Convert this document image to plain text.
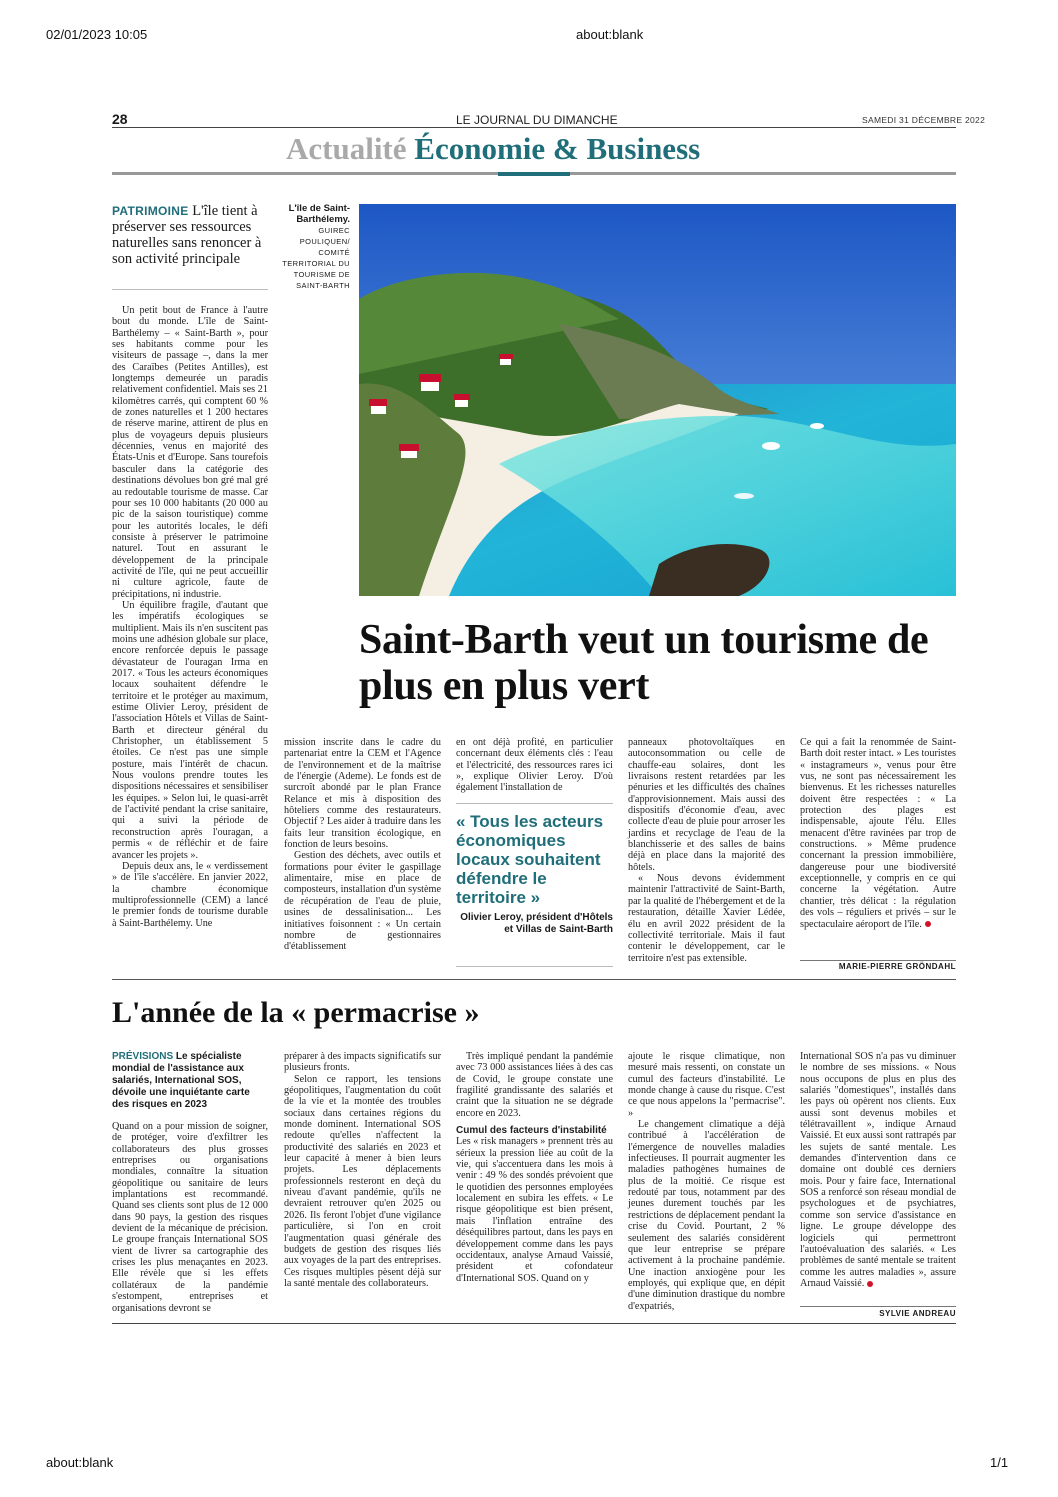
02/01/2023 10:05	about:blank
about:blank	1/1
28	LE JOURNAL DU DIMANCHE	SAMEDI 31 DÉCEMBRE 2022
Actualité Économie & Business
PATRIMOINE L'île tient à préserver ses ressources naturelles sans renoncer à son activité principale
L'île de Saint-Barthélemy.
GUIREC POULIQUEN/ COMITÉ TERRITORIAL DU TOURISME DE SAINT-BARTH
Saint-Barth veut un tourisme de plus en plus vert

Un petit bout de France à l'autre bout du monde. L'île de Saint-Barthélemy – « Saint-Barth », pour ses habitants comme pour les visiteurs de passage –, dans la mer des Caraïbes (Petites Antilles), est longtemps demeurée un paradis relativement confidentiel. Mais ses 21 kilomètres carrés, qui comptent 60 % de zones naturelles et 1 200 hectares de réserve marine, attirent de plus en plus de voyageurs depuis plusieurs décennies, venus en majorité des États-Unis et d'Europe. Sans tourefois basculer dans la catégorie des destinations dévolues bon gré mal gré au redoutable tourisme de masse. Car pour ses 10 000 habitants (20 000 au pic de la saison touristique) comme pour les autorités locales, le défi consiste à préserver le patrimoine naturel. Tout en assurant le développement de la principale activité de l'île, qui ne peut accueillir ni culture agricole, faute de précipitations, ni industrie.

Un équilibre fragile, d'autant que les impératifs écologiques se multiplient. Mais ils n'en suscitent pas moins une adhésion globale sur place, encore renforcée depuis le passage dévastateur de l'ouragan Irma en 2017. « Tous les acteurs économiques locaux souhaitent défendre le territoire et le protéger au maximum, estime Olivier Leroy, président de l'association Hôtels et Villas de Saint-Barth et directeur général du Christopher, un établissement 5 étoiles. Ce n'est pas une simple posture, mais l'intérêt de chacun. Nous voulons prendre toutes les dispositions nécessaires et sensibiliser les équipes. » Selon lui, le quasi-arrêt de l'activité pendant la crise sanitaire, qui a suivi la période de reconstruction après l'ouragan, a permis « de réfléchir et de faire avancer les projets ».

Depuis deux ans, le « verdissement » de l'île s'accélère. En janvier 2022, la chambre économique multiprofessionnelle (CEM) a lancé le premier fonds de tourisme durable à Saint-Barthélemy. Une

mission inscrite dans le cadre du partenariat entre la CEM et l'Agence de l'environnement et de la maîtrise de l'énergie (Ademe). Le fonds est de surcroît abondé par le plan France Relance et mis à disposition des hôteliers comme des restaurateurs. Objectif ? Les aider à traduire dans les faits leur transition écologique, en fonction de leurs besoins.

Gestion des déchets, avec outils et formations pour éviter le gaspillage alimentaire, mise en place de composteurs, installation d'un système de récupération de l'eau de pluie, usines de dessalinisation... Les initiatives foisonnent : « Un certain nombre de gestionnaires d'établissement

en ont déjà profité, en particulier concernant deux éléments clés : l'eau et l'électricité, des ressources rares ici », explique Olivier Leroy. D'où également l'installation de

« Tous les acteurs économiques locaux souhaitent défendre le territoire »
Olivier Leroy, président d'Hôtels et Villas de Saint-Barth

panneaux photovoltaïques en autoconsommation ou celle de chauffe-eau solaires, dont les livraisons restent retardées par les pénuries et les difficultés des chaînes d'approvisionnement. Mais aussi des dispositifs d'économie d'eau, avec collecte d'eau de pluie pour arroser les jardins et recyclage de l'eau de la blanchisserie et des salles de bains déjà en place dans la majorité des hôtels.

« Nous devons évidemment maintenir l'attractivité de Saint-Barth, par la qualité de l'hébergement et de la restauration, détaille Xavier Lédée, élu en avril 2022 président de la collectivité territoriale. Mais il faut contenir le développement, car le territoire n'est pas extensible.

Ce qui a fait la renommée de Saint-Barth doit rester intact. » Les touristes « instagrameurs », venus pour être vus, ne sont pas nécessairement les bienvenus. Et les richesses naturelles doivent être respectées : « La protection des plages est indispensable, ajoute l'élu. Elles menacent d'être ravinées par trop de constructions. » Même prudence concernant la pression immobilière, dangereuse pour une biodiversité exceptionnelle, y compris en ce qui concerne la végétation. Autre chantier, très délicat : la régulation des vols – réguliers et privés – sur le spectaculaire aéroport de l'île.

MARIE-PIERRE GRÖNDAHL
L'année de la « permacrise »
PRÉVISIONS Le spécialiste mondial de l'assistance aux salariés, International SOS, dévoile une inquiétante carte des risques en 2023

Quand on a pour mission de soigner, de protéger, voire d'exfiltrer les collaborateurs des plus grosses entreprises ou organisations mondiales, connaître la situation géopolitique ou sanitaire de leurs implantations est recommandé. Quand ses clients sont plus de 12 000 dans 90 pays, la gestion des risques devient de la mécanique de précision. Le groupe français International SOS vient de livrer sa cartographie des crises les plus menaçantes en 2023. Elle révèle que si les effets collatéraux de la pandémie s'estompent, entreprises et organisations devront se

préparer à des impacts significatifs sur plusieurs fronts.

Selon ce rapport, les tensions géopolitiques, l'augmentation du coût de la vie et la montée des troubles sociaux dans certaines régions du monde dominent. International SOS redoute qu'elles n'affectent la productivité des salariés en 2023 et leur capacité à mener à bien leurs projets. Les déplacements professionnels resteront en deçà du niveau d'avant pandémie, qu'ils ne devraient retrouver qu'en 2025 ou 2026. Ils feront l'objet d'une vigilance particulière, si l'on en croit l'augmentation quasi générale des budgets de gestion des risques liés aux voyages de la part des entreprises. Ces risques multiples pèsent déjà sur la santé mentale des collaborateurs.

Très impliqué pendant la pandémie avec 73 000 assistances liées à des cas de Covid, le groupe constate une fragilité grandissante des salariés et craint que la situation ne se dégrade encore en 2023.

Cumul des facteurs d'instabilité

Les « risk managers » prennent très au sérieux la pression liée au coût de la vie, qui s'accentuera dans les mois à venir : 49 % des sondés prévoient que le quotidien des personnes employées localement en subira les effets. « Le risque géopolitique est bien présent, mais l'inflation entraîne des déséquilibres partout, dans les pays en développement comme dans les pays occidentaux, analyse Arnaud Vaissié, président et cofondateur d'International SOS. Quand on y

ajoute le risque climatique, non mesuré mais ressenti, on constate un cumul des facteurs d'instabilité. Le monde change à cause du risque. C'est ce que nous appelons la "permacrise". »

Le changement climatique a déjà contribué à l'accélération de l'émergence de nouvelles maladies infectieuses. Il pourrait augmenter les maladies pathogènes humaines de plus de la moitié. Ce risque est redouté par tous, notamment par des jeunes durement touchés par les restrictions de déplacement pendant la crise du Covid. Pourtant, 2 % seulement des salariés considèrent que leur entreprise se prépare activement à la prochaine pandémie. Une inaction anxiogène pour les employés, qui explique que, en dépit d'une diminution drastique du nombre d'expatriés,

International SOS n'a pas vu diminuer le nombre de ses missions. « Nous nous occupons de plus en plus des salariés "domestiques", installés dans les pays où opèrent nos clients. Eux aussi sont devenus mobiles et télétravaillent », indique Arnaud Vaissié. Et eux aussi sont rattrapés par les sujets de santé mentale. Les demandes d'intervention dans ce domaine ont doublé ces derniers mois. Pour y faire face, International SOS a renforcé son réseau mondial de psychologues et de psychiatres, comme son service d'assistance en ligne. Le groupe développe des logiciels qui permettront l'autoévaluation des salariés. « Les problèmes de santé mentale se traitent comme les autres maladies », assure Arnaud Vaissié.

SYLVIE ANDREAU
